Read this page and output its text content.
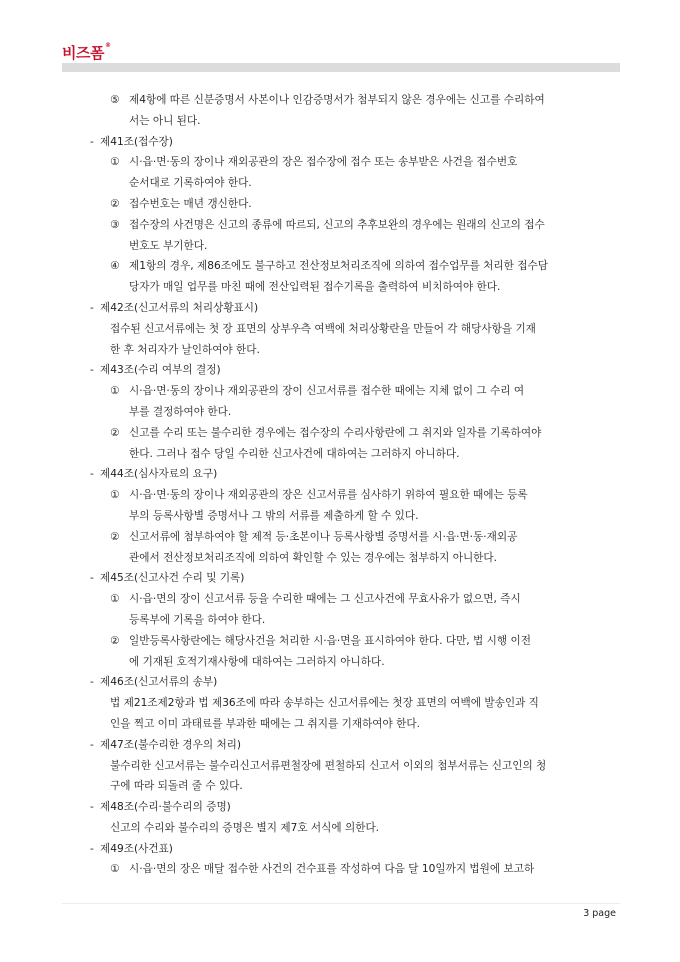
비즈폼®
⑤ 제4항에 따른 신분증명서 사본이나 인감증명서가 첨부되지 않은 경우에는 신고를 수리하여
서는 아니 된다.
- 제41조(접수장)
① 시·읍·면·동의 장이나 재외공관의 장은 접수장에 접수 또는 송부받은 사건을 접수번호
순서대로 기록하여야 한다.
② 접수번호는 매년 갱신한다.
③ 접수장의 사건명은 신고의 종류에 따르되, 신고의 추후보완의 경우에는 원래의 신고의 접수
번호도 부기한다.
④ 제1항의 경우, 제86조에도 불구하고 전산정보처리조직에 의하여 접수업무를 처리한 접수담
당자가 매일 업무를 마친 때에 전산입력된 접수기록을 출력하여 비치하여야 한다.
- 제42조(신고서류의 처리상황표시)
접수된 신고서류에는 첫 장 표면의 상부우측 여백에 처리상황란을 만들어 각 해당사항을 기재
한 후 처리자가 날인하여야 한다.
- 제43조(수리 여부의 결정)
① 시·읍·면·동의 장이나 재외공관의 장이 신고서류를 접수한 때에는 지체 없이 그 수리 여
부를 결정하여야 한다.
② 신고를 수리 또는 불수리한 경우에는 접수장의 수리사항란에 그 취지와 일자를 기록하여야
한다. 그러나 접수 당일 수리한 신고사건에 대하여는 그러하지 아니하다.
- 제44조(심사자료의 요구)
① 시·읍·면·동의 장이나 재외공관의 장은 신고서류를 심사하기 위하여 필요한 때에는 등록
부의 등록사항별 증명서나 그 밖의 서류를 제출하게 할 수 있다.
② 신고서류에 첨부하여야 할 제적 등·초본이나 등록사항별 증명서를 시·읍·면·동·재외공
관에서 전산정보처리조직에 의하여 확인할 수 있는 경우에는 첨부하지 아니한다.
- 제45조(신고사건 수리 및 기록)
① 시·읍·면의 장이 신고서류 등을 수리한 때에는 그 신고사건에 무효사유가 없으면, 즉시
등록부에 기록을 하여야 한다.
② 일반등록사항란에는 해당사건을 처리한 시·읍·면을 표시하여야 한다. 다만, 법 시행 이전
에 기재된 호적기재사항에 대하여는 그러하지 아니하다.
- 제46조(신고서류의 송부)
법 제21조제2항과 법 제36조에 따라 송부하는 신고서류에는 첫장 표면의 여백에 발송인과 직
인을 찍고 이미 과태료를 부과한 때에는 그 취지를 기재하여야 한다.
- 제47조(불수리한 경우의 처리)
불수리한 신고서류는 불수리신고서류편철장에 편철하되 신고서 이외의 첨부서류는 신고인의 청
구에 따라 되돌려 줄 수 있다.
- 제48조(수리·불수리의 증명)
신고의 수리와 불수리의 증명은 별지 제7호 서식에 의한다.
- 제49조(사건표)
① 시·읍·면의 장은 매달 접수한 사건의 건수표를 작성하여 다음 달 10일까지 법원에 보고하
3 page
